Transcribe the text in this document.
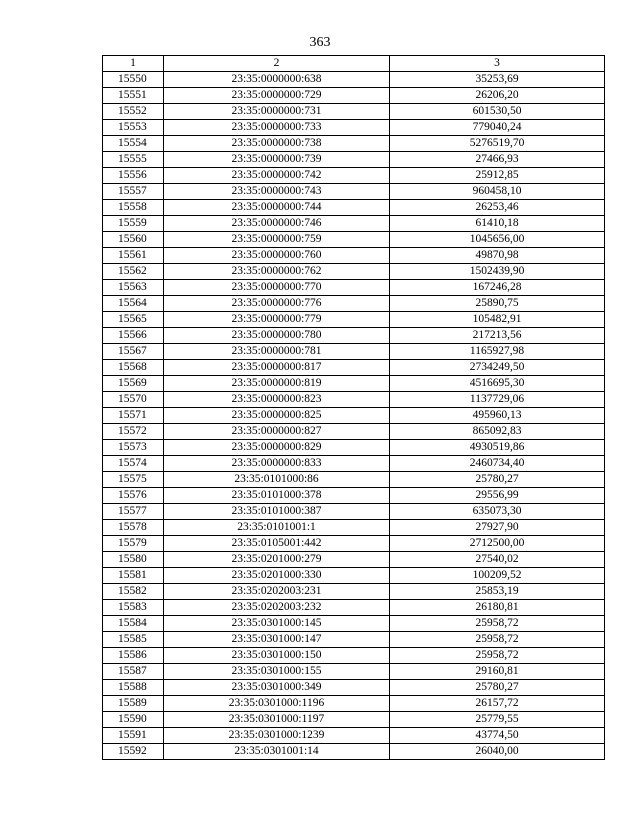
363
1	2	3
15550	23:35:0000000:638	35253,69
15551	23:35:0000000:729	26206,20
15552	23:35:0000000:731	601530,50
15553	23:35:0000000:733	779040,24
15554	23:35:0000000:738	5276519,70
15555	23:35:0000000:739	27466,93
15556	23:35:0000000:742	25912,85
15557	23:35:0000000:743	960458,10
15558	23:35:0000000:744	26253,46
15559	23:35:0000000:746	61410,18
15560	23:35:0000000:759	1045656,00
15561	23:35:0000000:760	49870,98
15562	23:35:0000000:762	1502439,90
15563	23:35:0000000:770	167246,28
15564	23:35:0000000:776	25890,75
15565	23:35:0000000:779	105482,91
15566	23:35:0000000:780	217213,56
15567	23:35:0000000:781	1165927,98
15568	23:35:0000000:817	2734249,50
15569	23:35:0000000:819	4516695,30
15570	23:35:0000000:823	1137729,06
15571	23:35:0000000:825	495960,13
15572	23:35:0000000:827	865092,83
15573	23:35:0000000:829	4930519,86
15574	23:35:0000000:833	2460734,40
15575	23:35:0101000:86	25780,27
15576	23:35:0101000:378	29556,99
15577	23:35:0101000:387	635073,30
15578	23:35:0101001:1	27927,90
15579	23:35:0105001:442	2712500,00
15580	23:35:0201000:279	27540,02
15581	23:35:0201000:330	100209,52
15582	23:35:0202003:231	25853,19
15583	23:35:0202003:232	26180,81
15584	23:35:0301000:145	25958,72
15585	23:35:0301000:147	25958,72
15586	23:35:0301000:150	25958,72
15587	23:35:0301000:155	29160,81
15588	23:35:0301000:349	25780,27
15589	23:35:0301000:1196	26157,72
15590	23:35:0301000:1197	25779,55
15591	23:35:0301000:1239	43774,50
15592	23:35:0301001:14	26040,00
